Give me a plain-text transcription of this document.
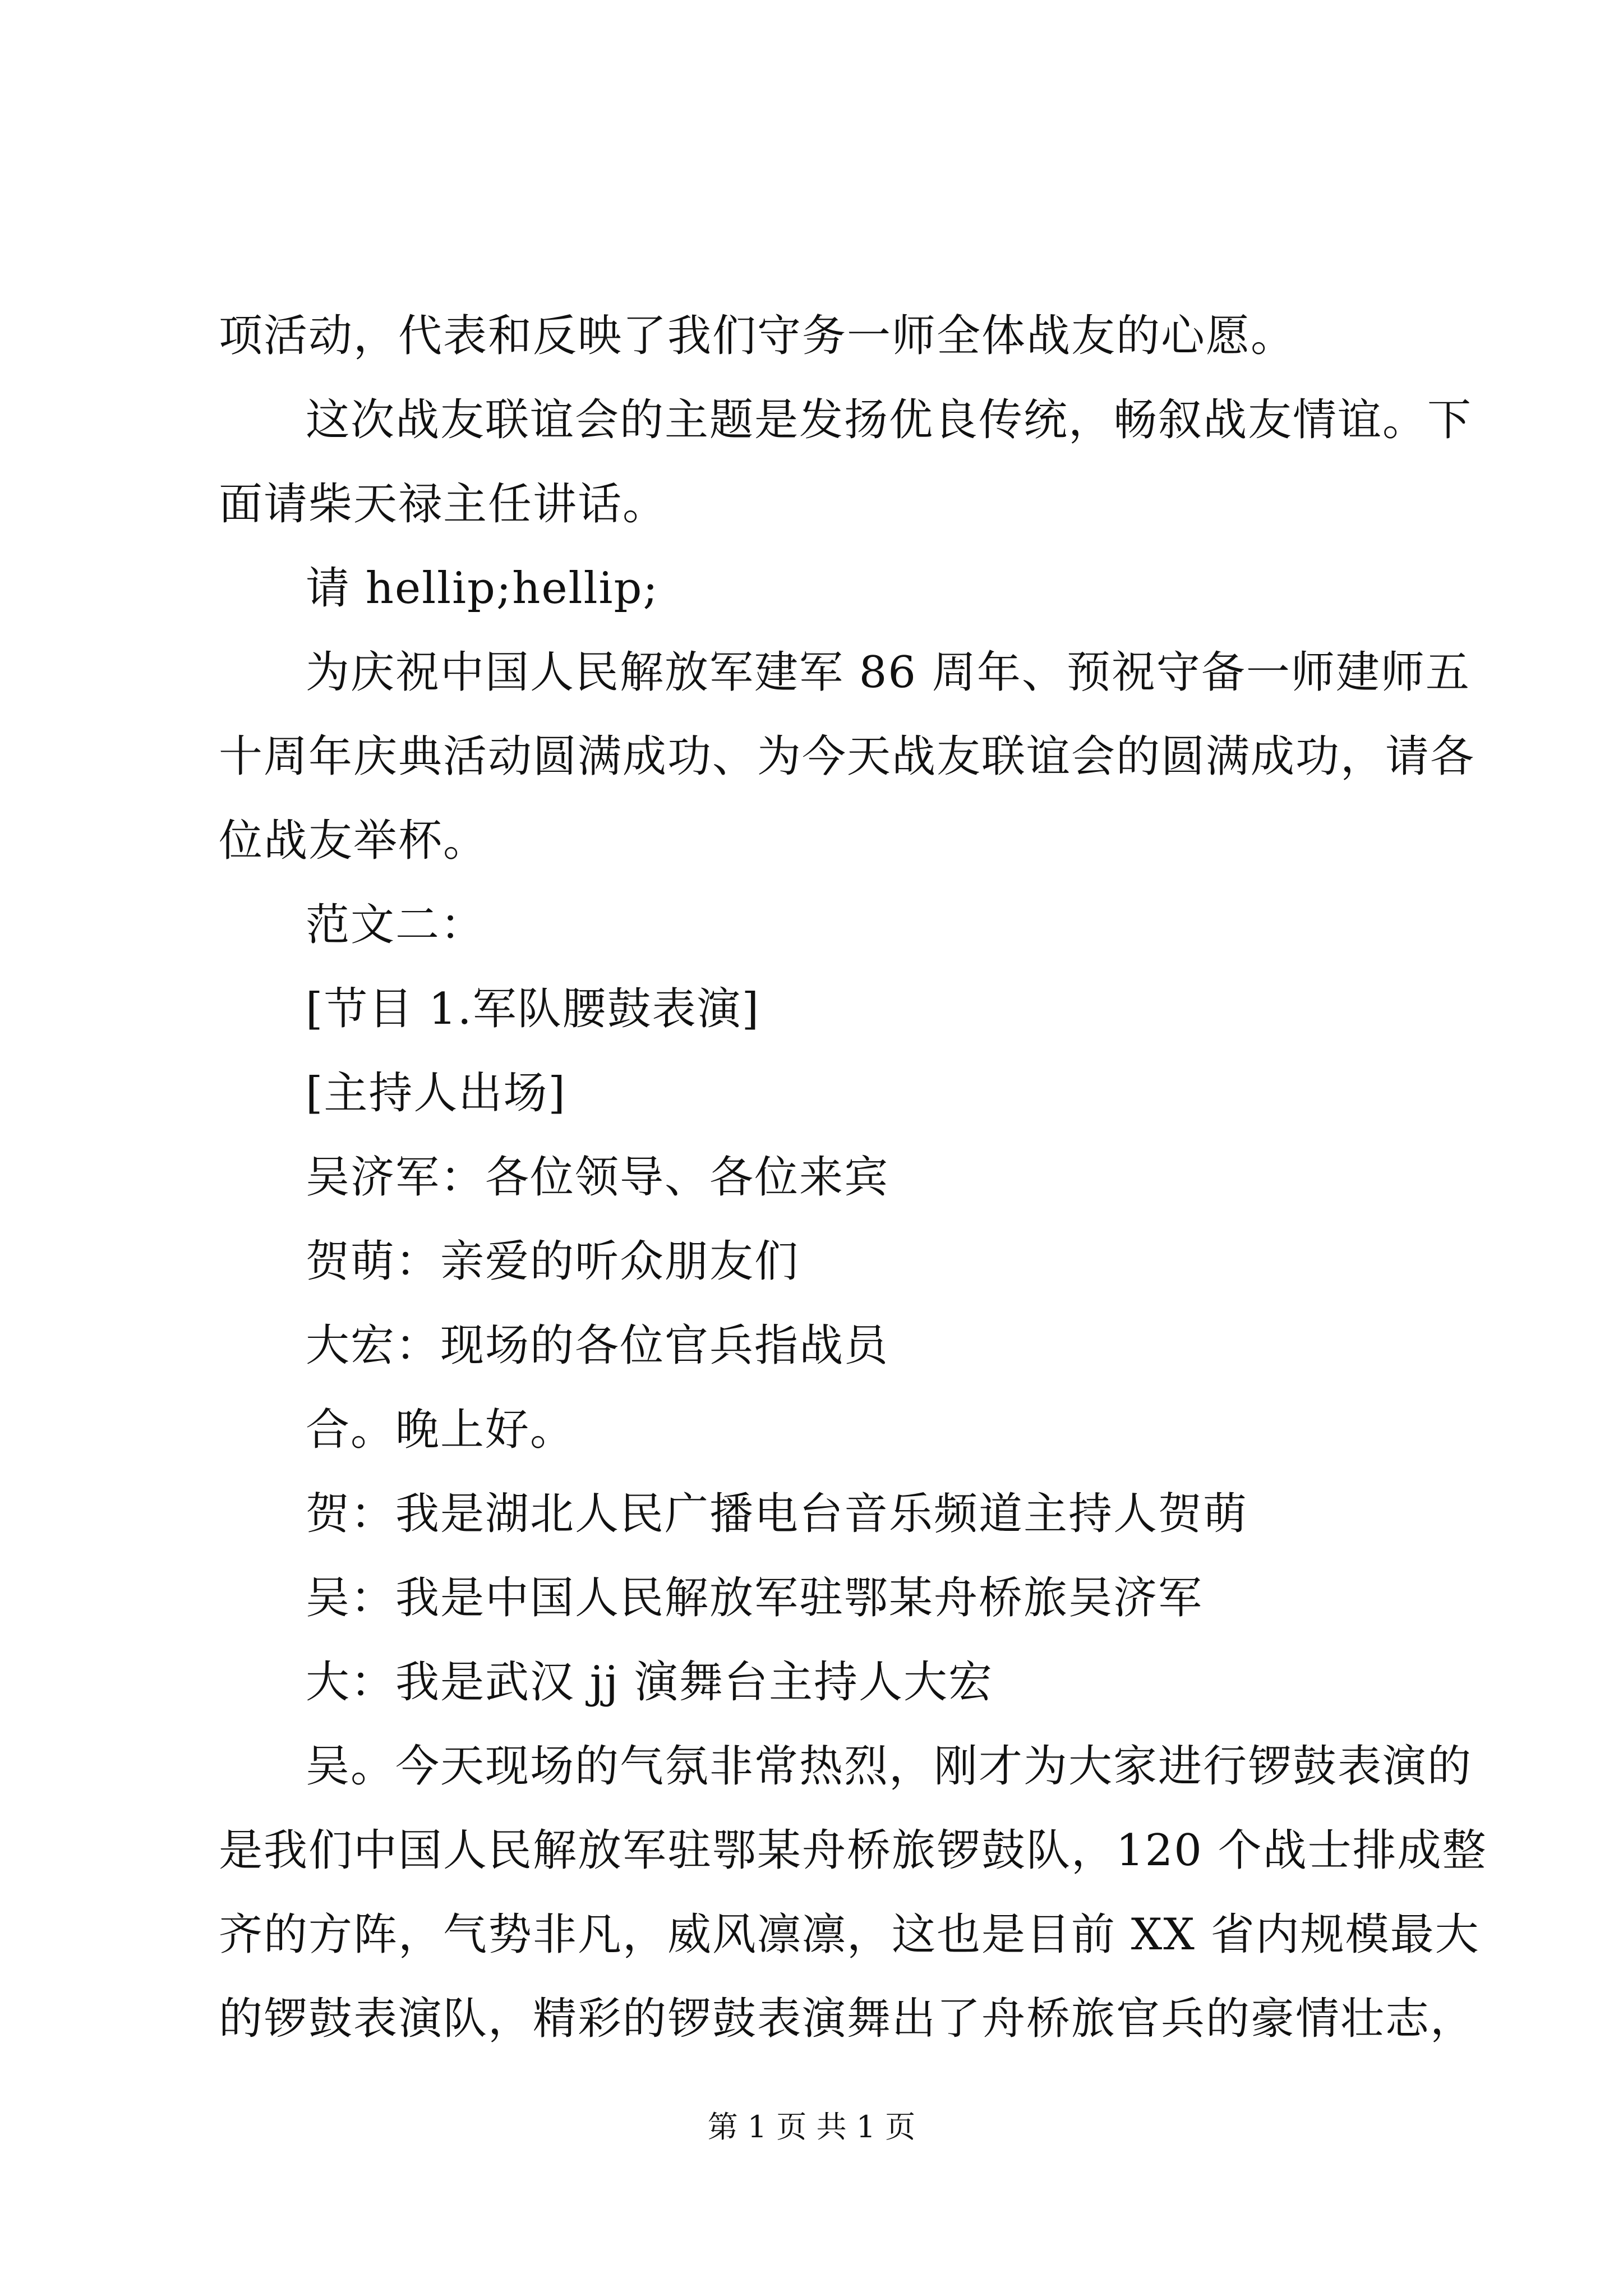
项活动，代表和反映了我们守务一师全体战友的心愿。
这次战友联谊会的主题是发扬优良传统，畅叙战友情谊。下
面请柴天禄主任讲话。
请 hellip;hellip;
为庆祝中国人民解放军建军 86 周年、预祝守备一师建师五
十周年庆典活动圆满成功、为今天战友联谊会的圆满成功，请各
位战友举杯。
范文二：
[节目 1.军队腰鼓表演]
[主持人出场]
吴济军：各位领导、各位来宾
贺萌：亲爱的听众朋友们
大宏：现场的各位官兵指战员
合。晚上好。
贺：我是湖北人民广播电台音乐频道主持人贺萌
吴：我是中国人民解放军驻鄂某舟桥旅吴济军
大：我是武汉 jj 演舞台主持人大宏
吴。今天现场的气氛非常热烈，刚才为大家进行锣鼓表演的
是我们中国人民解放军驻鄂某舟桥旅锣鼓队，120 个战士排成整
齐的方阵，气势非凡，威风凛凛，这也是目前 XX 省内规模最大
的锣鼓表演队，精彩的锣鼓表演舞出了舟桥旅官兵的豪情壮志，
第 1 页 共 1 页
